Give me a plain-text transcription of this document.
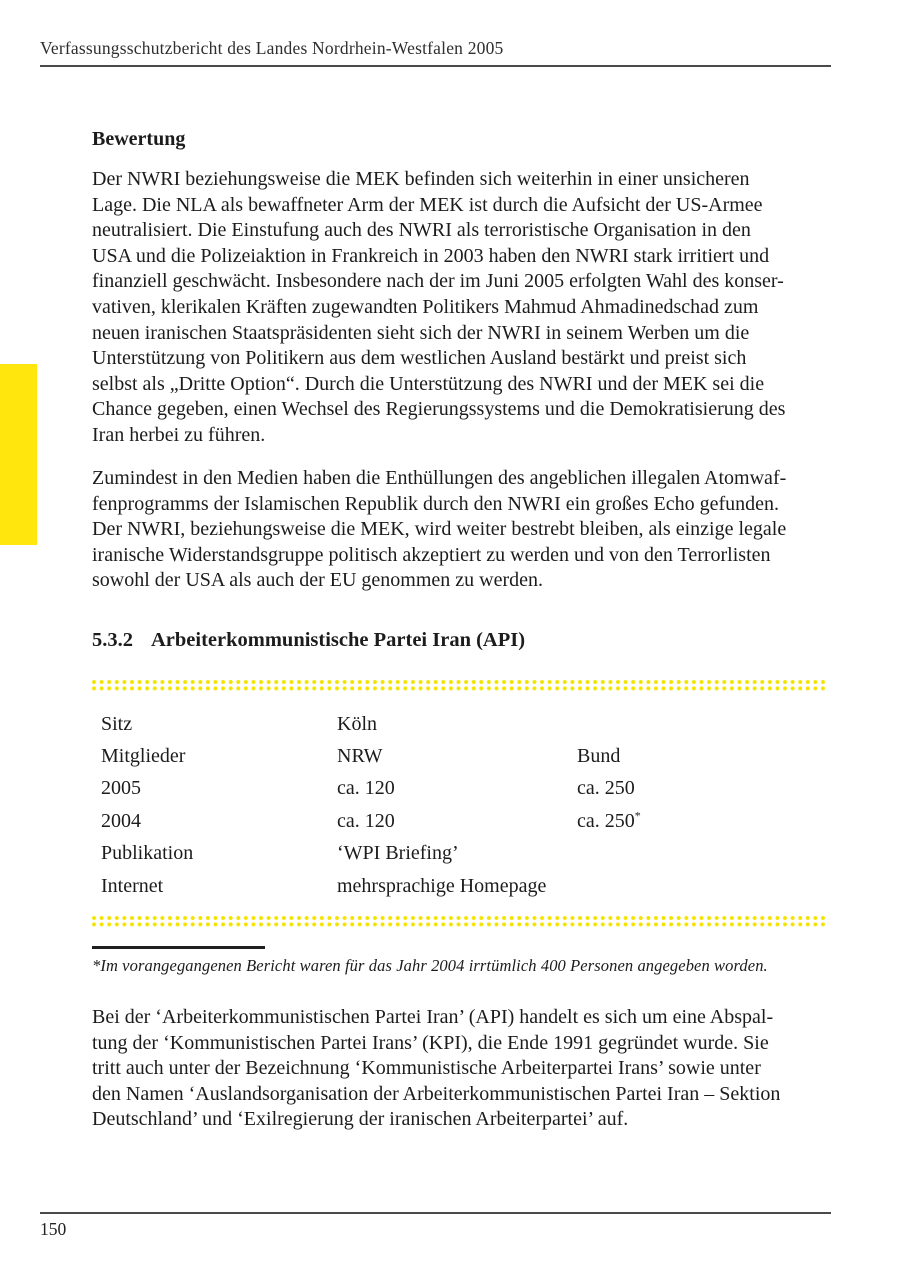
Verfassungsschutzbericht des Landes Nordrhein-Westfalen 2005
Bewertung
Der NWRI beziehungsweise die MEK befinden sich weiterhin in einer unsicheren
Lage. Die NLA als bewaffneter Arm der MEK ist durch die Aufsicht der US-Armee
neutralisiert. Die Einstufung auch des NWRI als terroristische Organisation in den
USA und die Polizeiaktion in Frankreich in 2003 haben den NWRI stark irritiert und
finanziell geschwächt. Insbesondere nach der im Juni 2005 erfolgten Wahl des konser-
vativen, klerikalen Kräften zugewandten Politikers Mahmud Ahmadinedschad zum
neuen iranischen Staatspräsidenten sieht sich der NWRI in seinem Werben um die
Unterstützung von Politikern aus dem westlichen Ausland bestärkt und preist sich
selbst als „Dritte Option“. Durch die Unterstützung des NWRI und der MEK sei die
Chance gegeben, einen Wechsel des Regierungssystems und die Demokratisierung des
Iran herbei zu führen.
Zumindest in den Medien haben die Enthüllungen des angeblichen illegalen Atomwaf-
fenprogramms der Islamischen Republik durch den NWRI ein großes Echo gefunden.
Der NWRI, beziehungsweise die MEK, wird weiter bestrebt bleiben, als einzige legale
iranische Widerstandsgruppe politisch akzeptiert zu werden und von den Terrorlisten
sowohl der USA als auch der EU genommen zu werden.
5.3.2 Arbeiterkommunistische Partei Iran (API)
Sitz	Köln
Mitglieder	NRW	Bund
2005	ca. 120	ca. 250
2004	ca. 120	ca. 250*
Publikation	‘WPI Briefing’
Internet	mehrsprachige Homepage
*Im vorangegangenen Bericht waren für das Jahr 2004 irrtümlich 400 Personen angegeben worden.
Bei der ‘Arbeiterkommunistischen Partei Iran’ (API) handelt es sich um eine Abspal-
tung der ‘Kommunistischen Partei Irans’ (KPI), die Ende 1991 gegründet wurde. Sie
tritt auch unter der Bezeichnung ‘Kommunistische Arbeiterpartei Irans’ sowie unter
den Namen ‘Auslandsorganisation der Arbeiterkommunistischen Partei Iran – Sektion
Deutschland’ und ‘Exilregierung der iranischen Arbeiterpartei’ auf.
150
